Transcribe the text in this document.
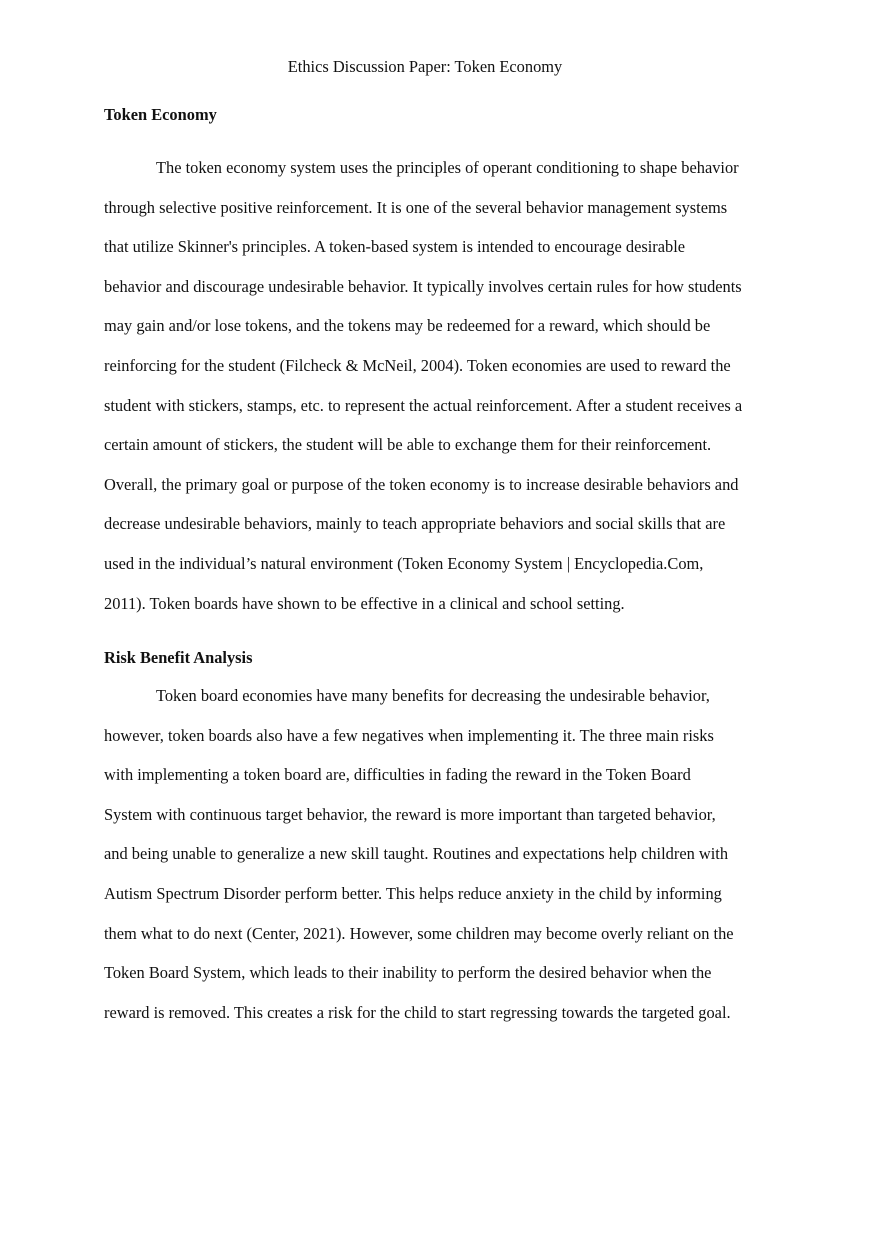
Ethics Discussion Paper: Token Economy
Token Economy

The token economy system uses the principles of operant conditioning to shape behavior
through selective positive reinforcement. It is one of the several behavior management systems
that utilize Skinner's principles. A token-based system is intended to encourage desirable
behavior and discourage undesirable behavior. It typically involves certain rules for how students
may gain and/or lose tokens, and the tokens may be redeemed for a reward, which should be
reinforcing for the student (Filcheck & McNeil, 2004). Token economies are used to reward the
student with stickers, stamps, etc. to represent the actual reinforcement. After a student receives a
certain amount of stickers, the student will be able to exchange them for their reinforcement.
Overall, the primary goal or purpose of the token economy is to increase desirable behaviors and
decrease undesirable behaviors, mainly to teach appropriate behaviors and social skills that are
used in the individual’s natural environment (Token Economy System | Encyclopedia.Com,
2011). Token boards have shown to be effective in a clinical and school setting.

Risk Benefit Analysis

Token board economies have many benefits for decreasing the undesirable behavior,
however, token boards also have a few negatives when implementing it. The three main risks
with implementing a token board are, difficulties in fading the reward in the Token Board
System with continuous target behavior, the reward is more important than targeted behavior,
and being unable to generalize a new skill taught. Routines and expectations help children with
Autism Spectrum Disorder perform better. This helps reduce anxiety in the child by informing
them what to do next (Center, 2021). However, some children may become overly reliant on the
Token Board System, which leads to their inability to perform the desired behavior when the
reward is removed. This creates a risk for the child to start regressing towards the targeted goal.
